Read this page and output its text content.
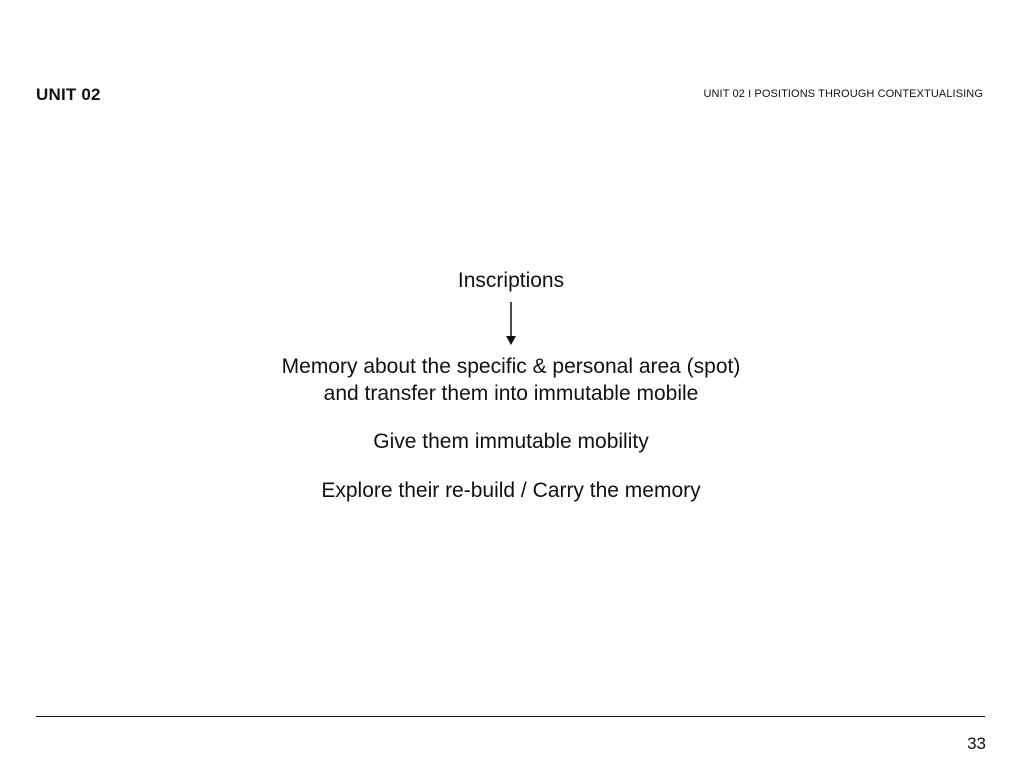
UNIT 02	UNIT 02 I POSITIONS THROUGH CONTEXTUALISING
Inscriptions
Memory about the specific & personal area (spot)
and transfer them into immutable mobile
Give them immutable mobility
Explore their re-build / Carry the memory
33
